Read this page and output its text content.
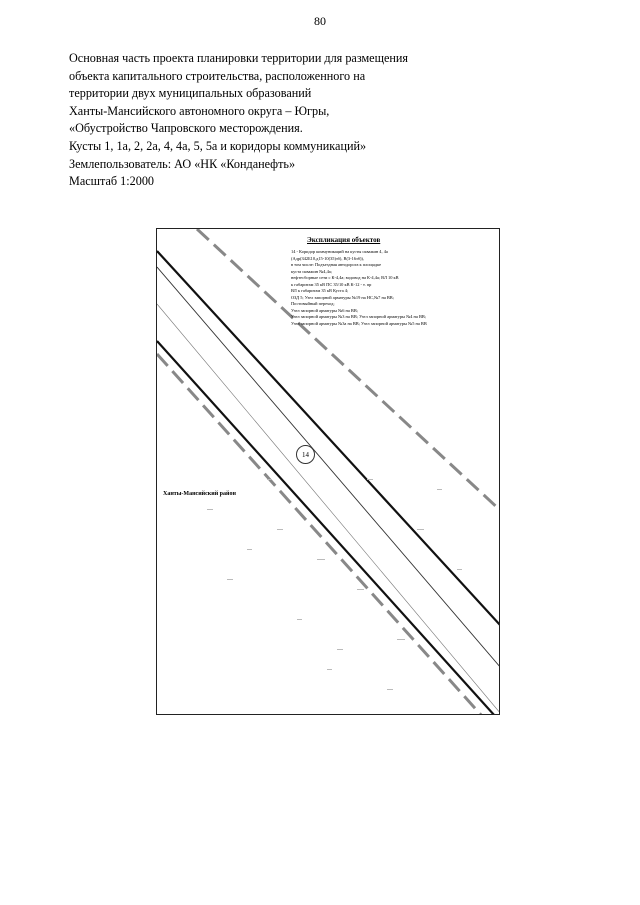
80
Основная часть проекта планировки территории для размещения
объекта капитального строительства, расположенного на
территории двух муниципальных образований
Ханты-Мансийского автономного округа – Югры,
«Обустройство Чапровского месторождения.
Кусты 1, 1а, 2, 2а, 4, 4а, 5, 5а и коридоры коммуникаций»
Землепользователь: АО «НК «Конданефть»
Масштаб 1:2000
Экспликация объектов
14 - Коридор коммуникаций на кусты скважин 4, 4а
(Адр(З42Б10,д15-10(35)зб), В(3-16зб)),
в том числе: Подъездная автодорога к площадке
куста скважин №4,4а;
нефтесборные сети с К-4,4а; водовод на К-4,4а; ВЛ 10 кВ
к габаритам 35 кВ ПС 35/10 кВ К-12 - т. пр
ВЛ к габаритам 35 кВ Куста 4;
ОЗД 5; Узел запорной арматуры №19 на НС,№7 на ВВ;
Постовыйный переход;
Узел запорной арматуры №6 на ВВ;
Узел запорной арматуры №3 на ВВ; Узел запорной арматуры №4 на ВВ;
Узел запорной арматуры №3а на ВВ; Узел запорной арматуры №5 на ВВ
14
Ханты-Мансийский район
